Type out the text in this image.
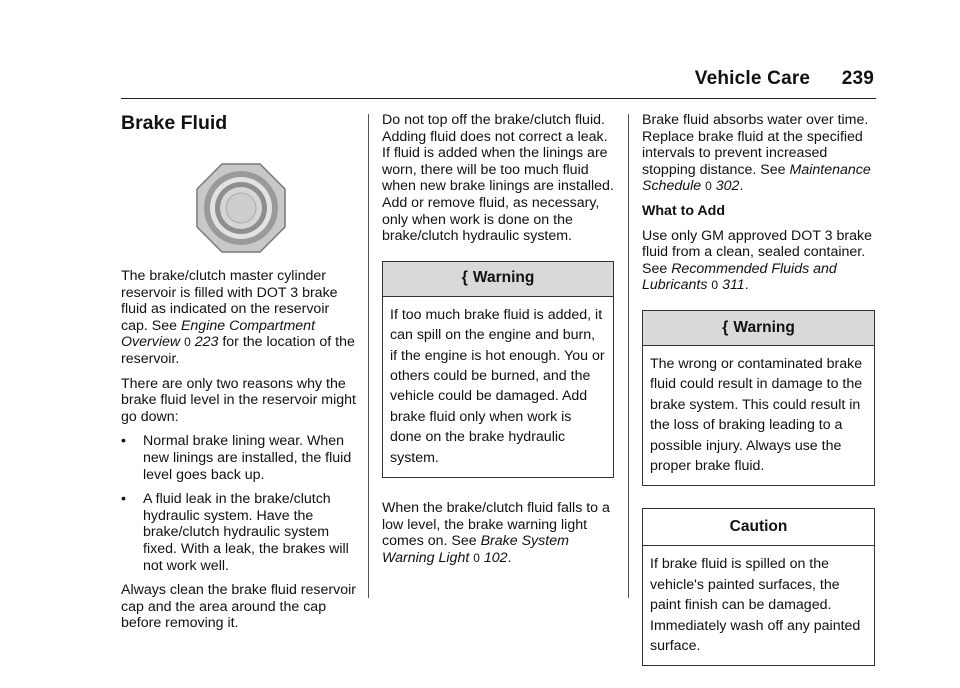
Vehicle Care 239
Brake Fluid

The brake/clutch master cylinder reservoir is filled with DOT 3 brake fluid as indicated on the reservoir cap. See Engine Compartment Overview 0 223 for the location of the reservoir.

There are only two reasons why the brake fluid level in the reservoir might go down:

• Normal brake lining wear. When new linings are installed, the fluid level goes back up.
• A fluid leak in the brake/clutch hydraulic system. Have the brake/clutch hydraulic system fixed. With a leak, the brakes will not work well.

Always clean the brake fluid reservoir cap and the area around the cap before removing it.

Do not top off the brake/clutch fluid. Adding fluid does not correct a leak. If fluid is added when the linings are worn, there will be too much fluid when new brake linings are installed. Add or remove fluid, as necessary, only when work is done on the brake/clutch hydraulic system.

{ Warning
If too much brake fluid is added, it can spill on the engine and burn, if the engine is hot enough. You or others could be burned, and the vehicle could be damaged. Add brake fluid only when work is done on the brake hydraulic system.

When the brake/clutch fluid falls to a low level, the brake warning light comes on. See Brake System Warning Light 0 102.

Brake fluid absorbs water over time. Replace brake fluid at the specified intervals to prevent increased stopping distance. See Maintenance Schedule 0 302.

What to Add

Use only GM approved DOT 3 brake fluid from a clean, sealed container. See Recommended Fluids and Lubricants 0 311.

{ Warning
The wrong or contaminated brake fluid could result in damage to the brake system. This could result in the loss of braking leading to a possible injury. Always use the proper brake fluid.
Caution
If brake fluid is spilled on the vehicle's painted surfaces, the paint finish can be damaged. Immediately wash off any painted surface.
